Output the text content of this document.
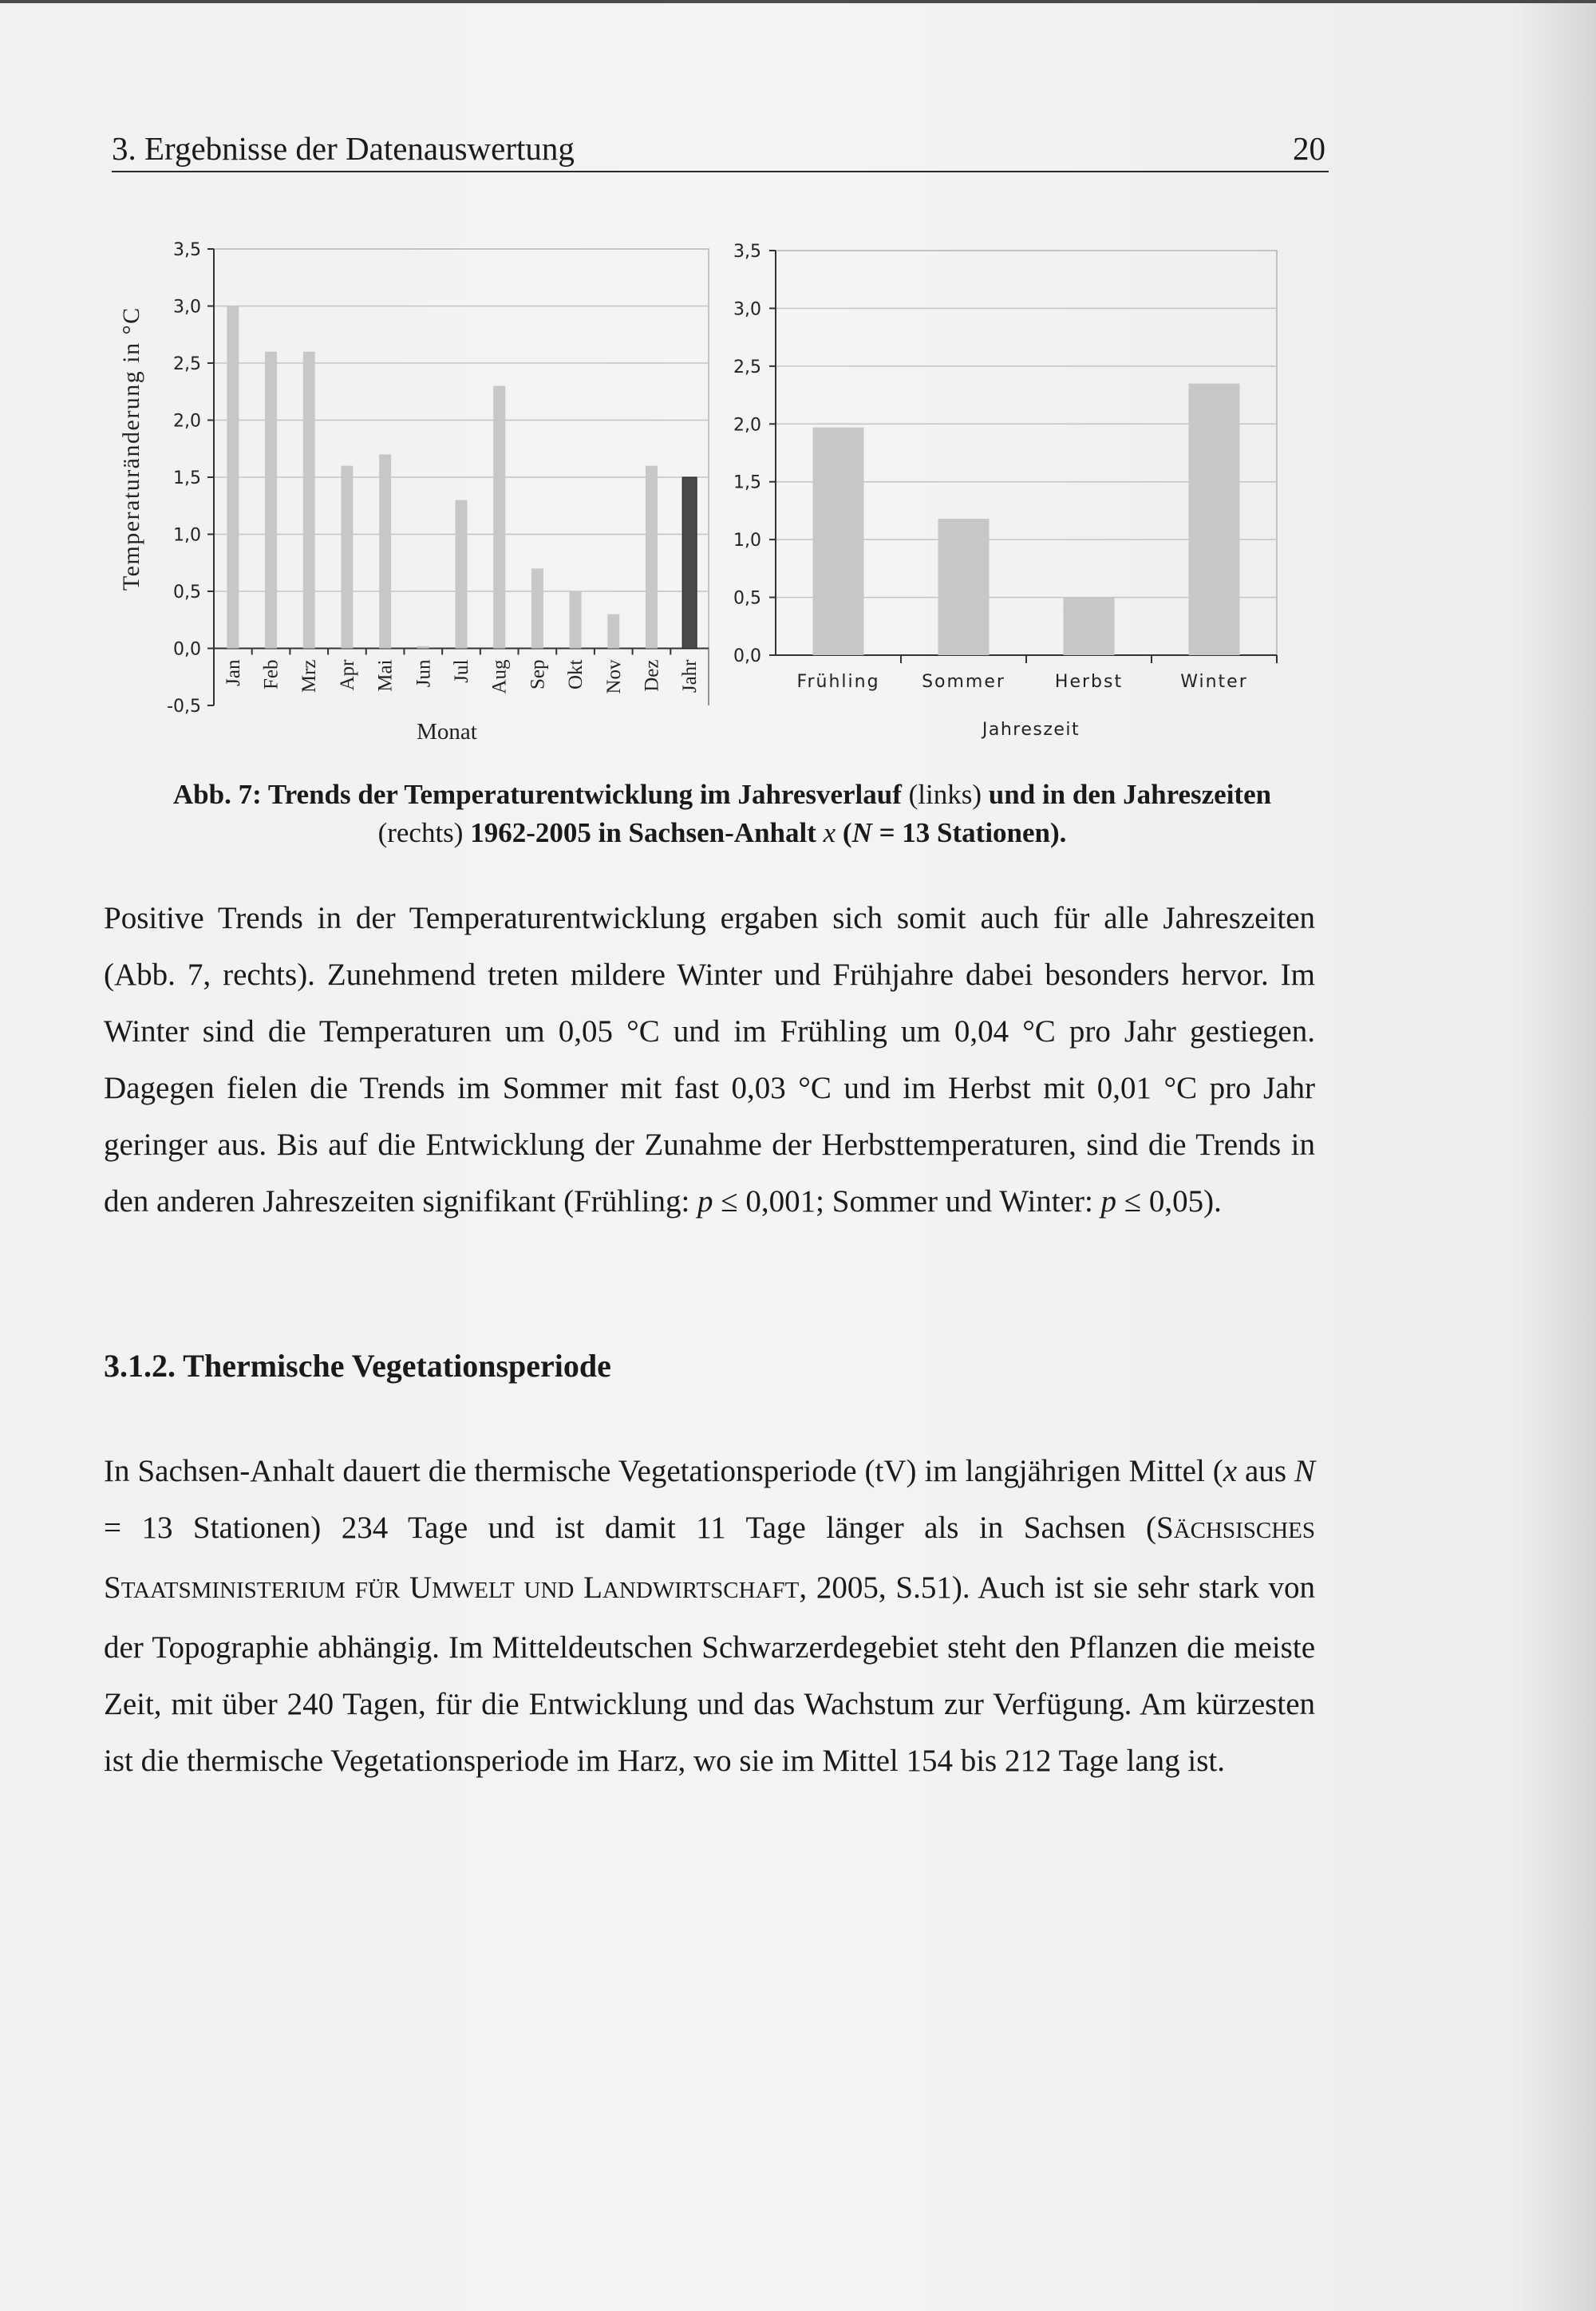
3. Ergebnisse der Datenauswertung	20
3,5
3,0
2,5
2,0
1,5
1,0
0,5
0,0
-0,5
Jan Feb Mrz Apr Mai Jun Jul Aug Sep Okt Nov Dez Jahr
Monat
Temperaturänderung in °C
3,5
3,0
2,5
2,0
1,5
1,0
0,5
0,0
Frühling Sommer	Herbst	Winter
Jahreszeit
Abb. 7: Trends der Temperaturentwicklung im Jahresverlauf (links) und in den Jahreszeiten
(rechts) 1962-2005 in Sachsen-Anhalt x (N = 13 Stationen).
Positive Trends in der Temperaturentwicklung ergaben sich somit auch für alle Jahreszeiten (Abb. 7, rechts). Zunehmend treten mildere Winter und Frühjahre dabei besonders hervor. Im Winter sind die Temperaturen um 0,05 °C und im Frühling um 0,04 °C pro Jahr gestiegen. Dagegen fielen die Trends im Sommer mit fast 0,03 °C und im Herbst mit 0,01 °C pro Jahr geringer aus. Bis auf die Entwicklung der Zunahme der Herbsttemperaturen, sind die Trends in den anderen Jahreszeiten signifikant (Frühling: p ≤ 0,001; Sommer und Winter: p ≤ 0,05).
3.1.2. Thermische Vegetationsperiode
In Sachsen-Anhalt dauert die thermische Vegetationsperiode (tV) im langjährigen Mittel (x aus N = 13 Stationen) 234 Tage und ist damit 11 Tage länger als in Sachsen (SÄCHSISCHES STAATSMINISTERIUM FÜR UMWELT UND LANDWIRTSCHAFT, 2005, S.51). Auch ist sie sehr stark von der Topographie abhängig. Im Mitteldeutschen Schwarzerdegebiet steht den Pflanzen die meiste Zeit, mit über 240 Tagen, für die Entwicklung und das Wachstum zur Verfügung. Am kürzesten ist die thermische Vegetationsperiode im Harz, wo sie im Mittel 154 bis 212 Tage lang ist.
